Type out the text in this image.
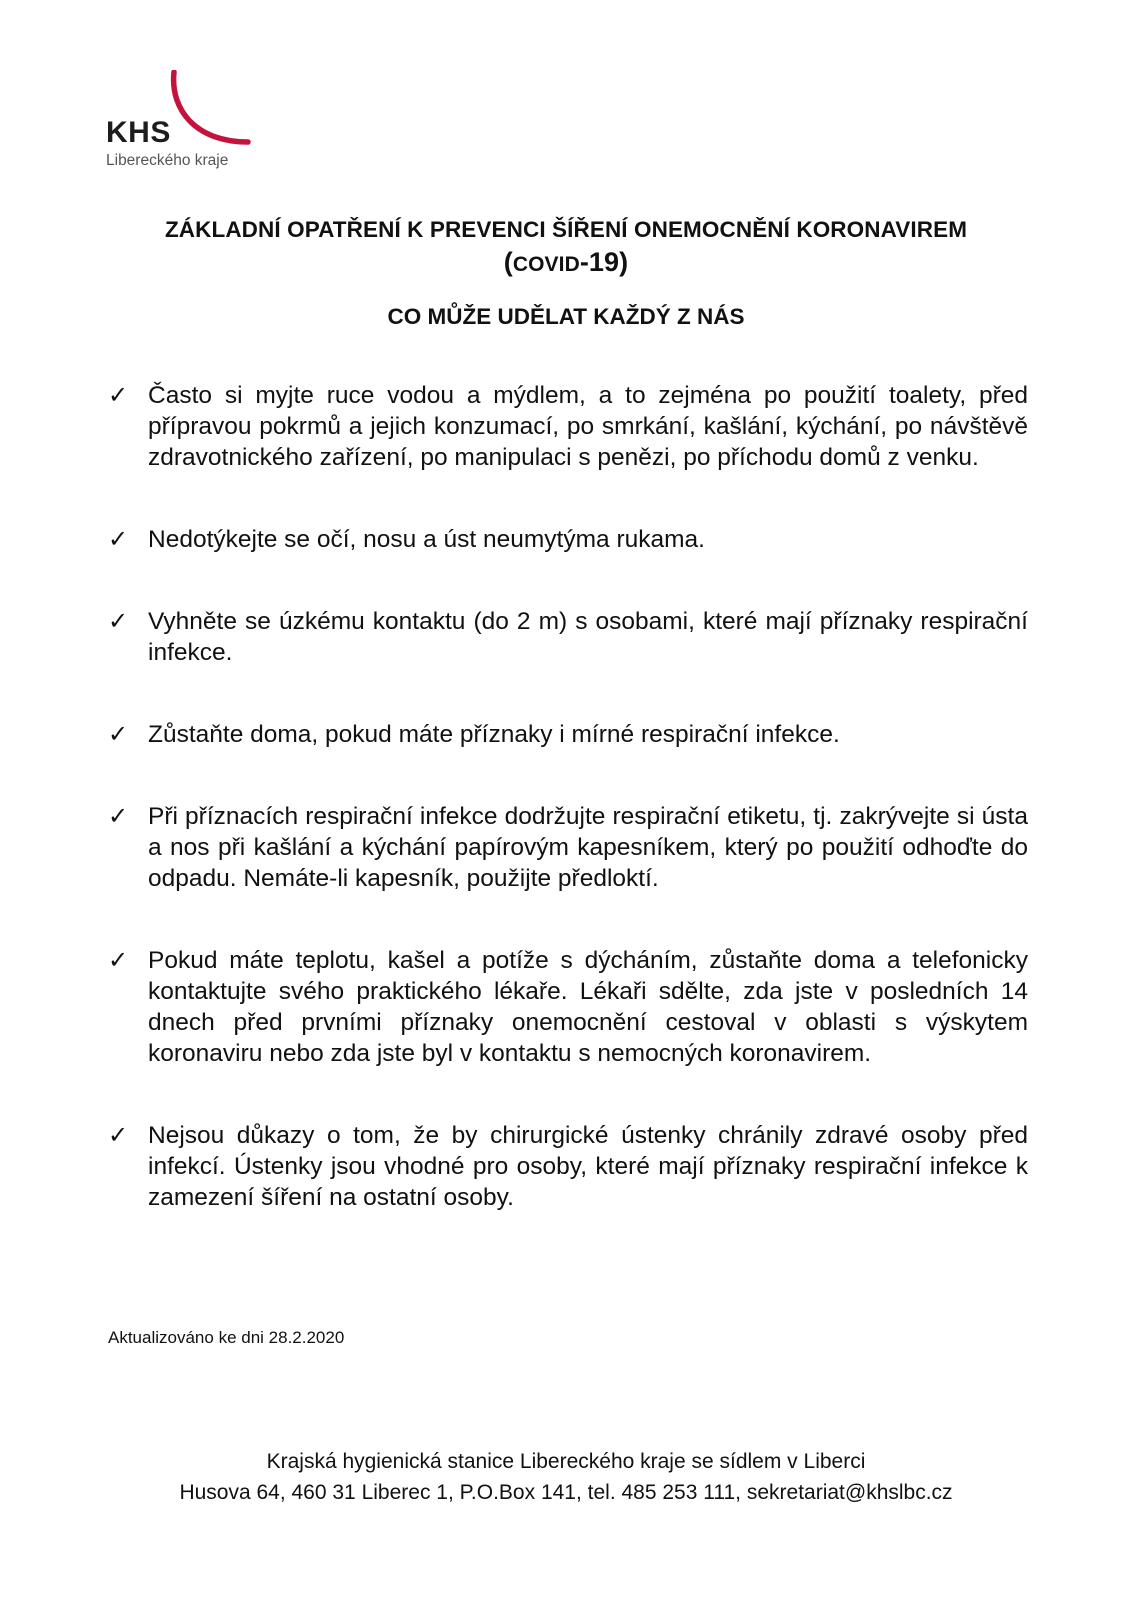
KHS
Libereckého kraje
ZÁKLADNÍ OPATŘENÍ K PREVENCI ŠÍŘENÍ ONEMOCNĚNÍ KORONAVIREM
(COVID-19)
CO MŮŽE UDĚLAT KAŽDÝ Z NÁS
✓ Často si myjte ruce vodou a mýdlem, a to zejména po použití toalety, před přípravou pokrmů a jejich konzumací, po smrkání, kašlání, kýchání, po návštěvě zdravotnického zařízení, po manipulaci s penězi, po příchodu domů z venku.
✓ Nedotýkejte se očí, nosu a úst neumytýma rukama.
✓ Vyhněte se úzkému kontaktu (do 2 m) s osobami, které mají příznaky respirační infekce.
✓ Zůstaňte doma, pokud máte příznaky i mírné respirační infekce.
✓ Při příznacích respirační infekce dodržujte respirační etiketu, tj. zakrývejte si ústa a nos při kašlání a kýchání papírovým kapesníkem, který po použití odhoďte do odpadu. Nemáte-li kapesník, použijte předloktí.
✓ Pokud máte teplotu, kašel a potíže s dýcháním, zůstaňte doma a telefonicky kontaktujte svého praktického lékaře. Lékaři sdělte, zda jste v posledních 14 dnech před prvními příznaky onemocnění cestoval v oblasti s výskytem koronaviru nebo zda jste byl v kontaktu s nemocných koronavirem.
✓ Nejsou důkazy o tom, že by chirurgické ústenky chránily zdravé osoby před infekcí. Ústenky jsou vhodné pro osoby, které mají příznaky respirační infekce k zamezení šíření na ostatní osoby.
Aktualizováno ke dni 28.2.2020
Krajská hygienická stanice Libereckého kraje se sídlem v Liberci
Husova 64, 460 31 Liberec 1, P.O.Box 141, tel. 485 253 111, sekretariat@khslbc.cz
